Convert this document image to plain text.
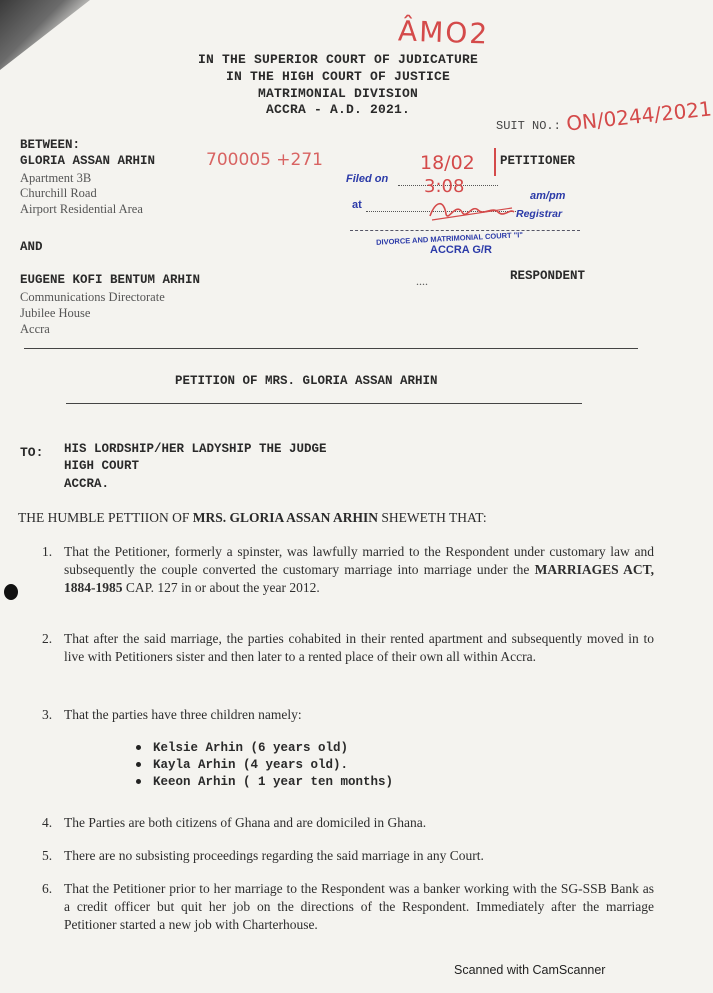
ÂMO2
IN THE SUPERIOR COURT OF JUDICATURE
IN THE HIGH COURT OF JUSTICE
MATRIMONIAL DIVISION
ACCRA - A.D. 2021.
SUIT NO.: ON/0244/2021
BETWEEN:
GLORIA ASSAN ARHIN
Apartment 3B
Churchill Road
Airport Residential Area
700005 +271
Filed on
18/02 PETITIONER
at
3:08	am/pm
Registrar
DIVORCE AND MATRIMONIAL COURT "I"
ACCRA G/R
AND
EUGENE KOFI BENTUM ARHIN	....	RESPONDENT
Communications Directorate
Jubilee House
Accra
PETITION OF MRS. GLORIA ASSAN ARHIN
TO: HIS LORDSHIP/HER LADYSHIP THE JUDGE
HIGH COURT
ACCRA.
THE HUMBLE PETTIION OF MRS. GLORIA ASSAN ARHIN SHEWETH THAT:
1. That the Petitioner, formerly a spinster, was lawfully married to the Respondent under customary law and subsequently the couple converted the customary marriage into marriage under the MARRIAGES ACT, 1884-1985 CAP. 127 in or about the year 2012.
2. That after the said marriage, the parties cohabited in their rented apartment and subsequently moved in to live with Petitioners sister and then later to a rented place of their own all within Accra.
3. That the parties have three children namely:
Kelsie Arhin (6 years old)
Kayla Arhin (4 years old).
Keeon Arhin ( 1 year ten months)
4. The Parties are both citizens of Ghana and are domiciled in Ghana.
5. There are no subsisting proceedings regarding the said marriage in any Court.
6. That the Petitioner prior to her marriage to the Respondent was a banker working with the SG-SSB Bank as a credit officer but quit her job on the directions of the Respondent. Immediately after the marriage Petitioner started a new job with Charterhouse.
Scanned with CamScanner
